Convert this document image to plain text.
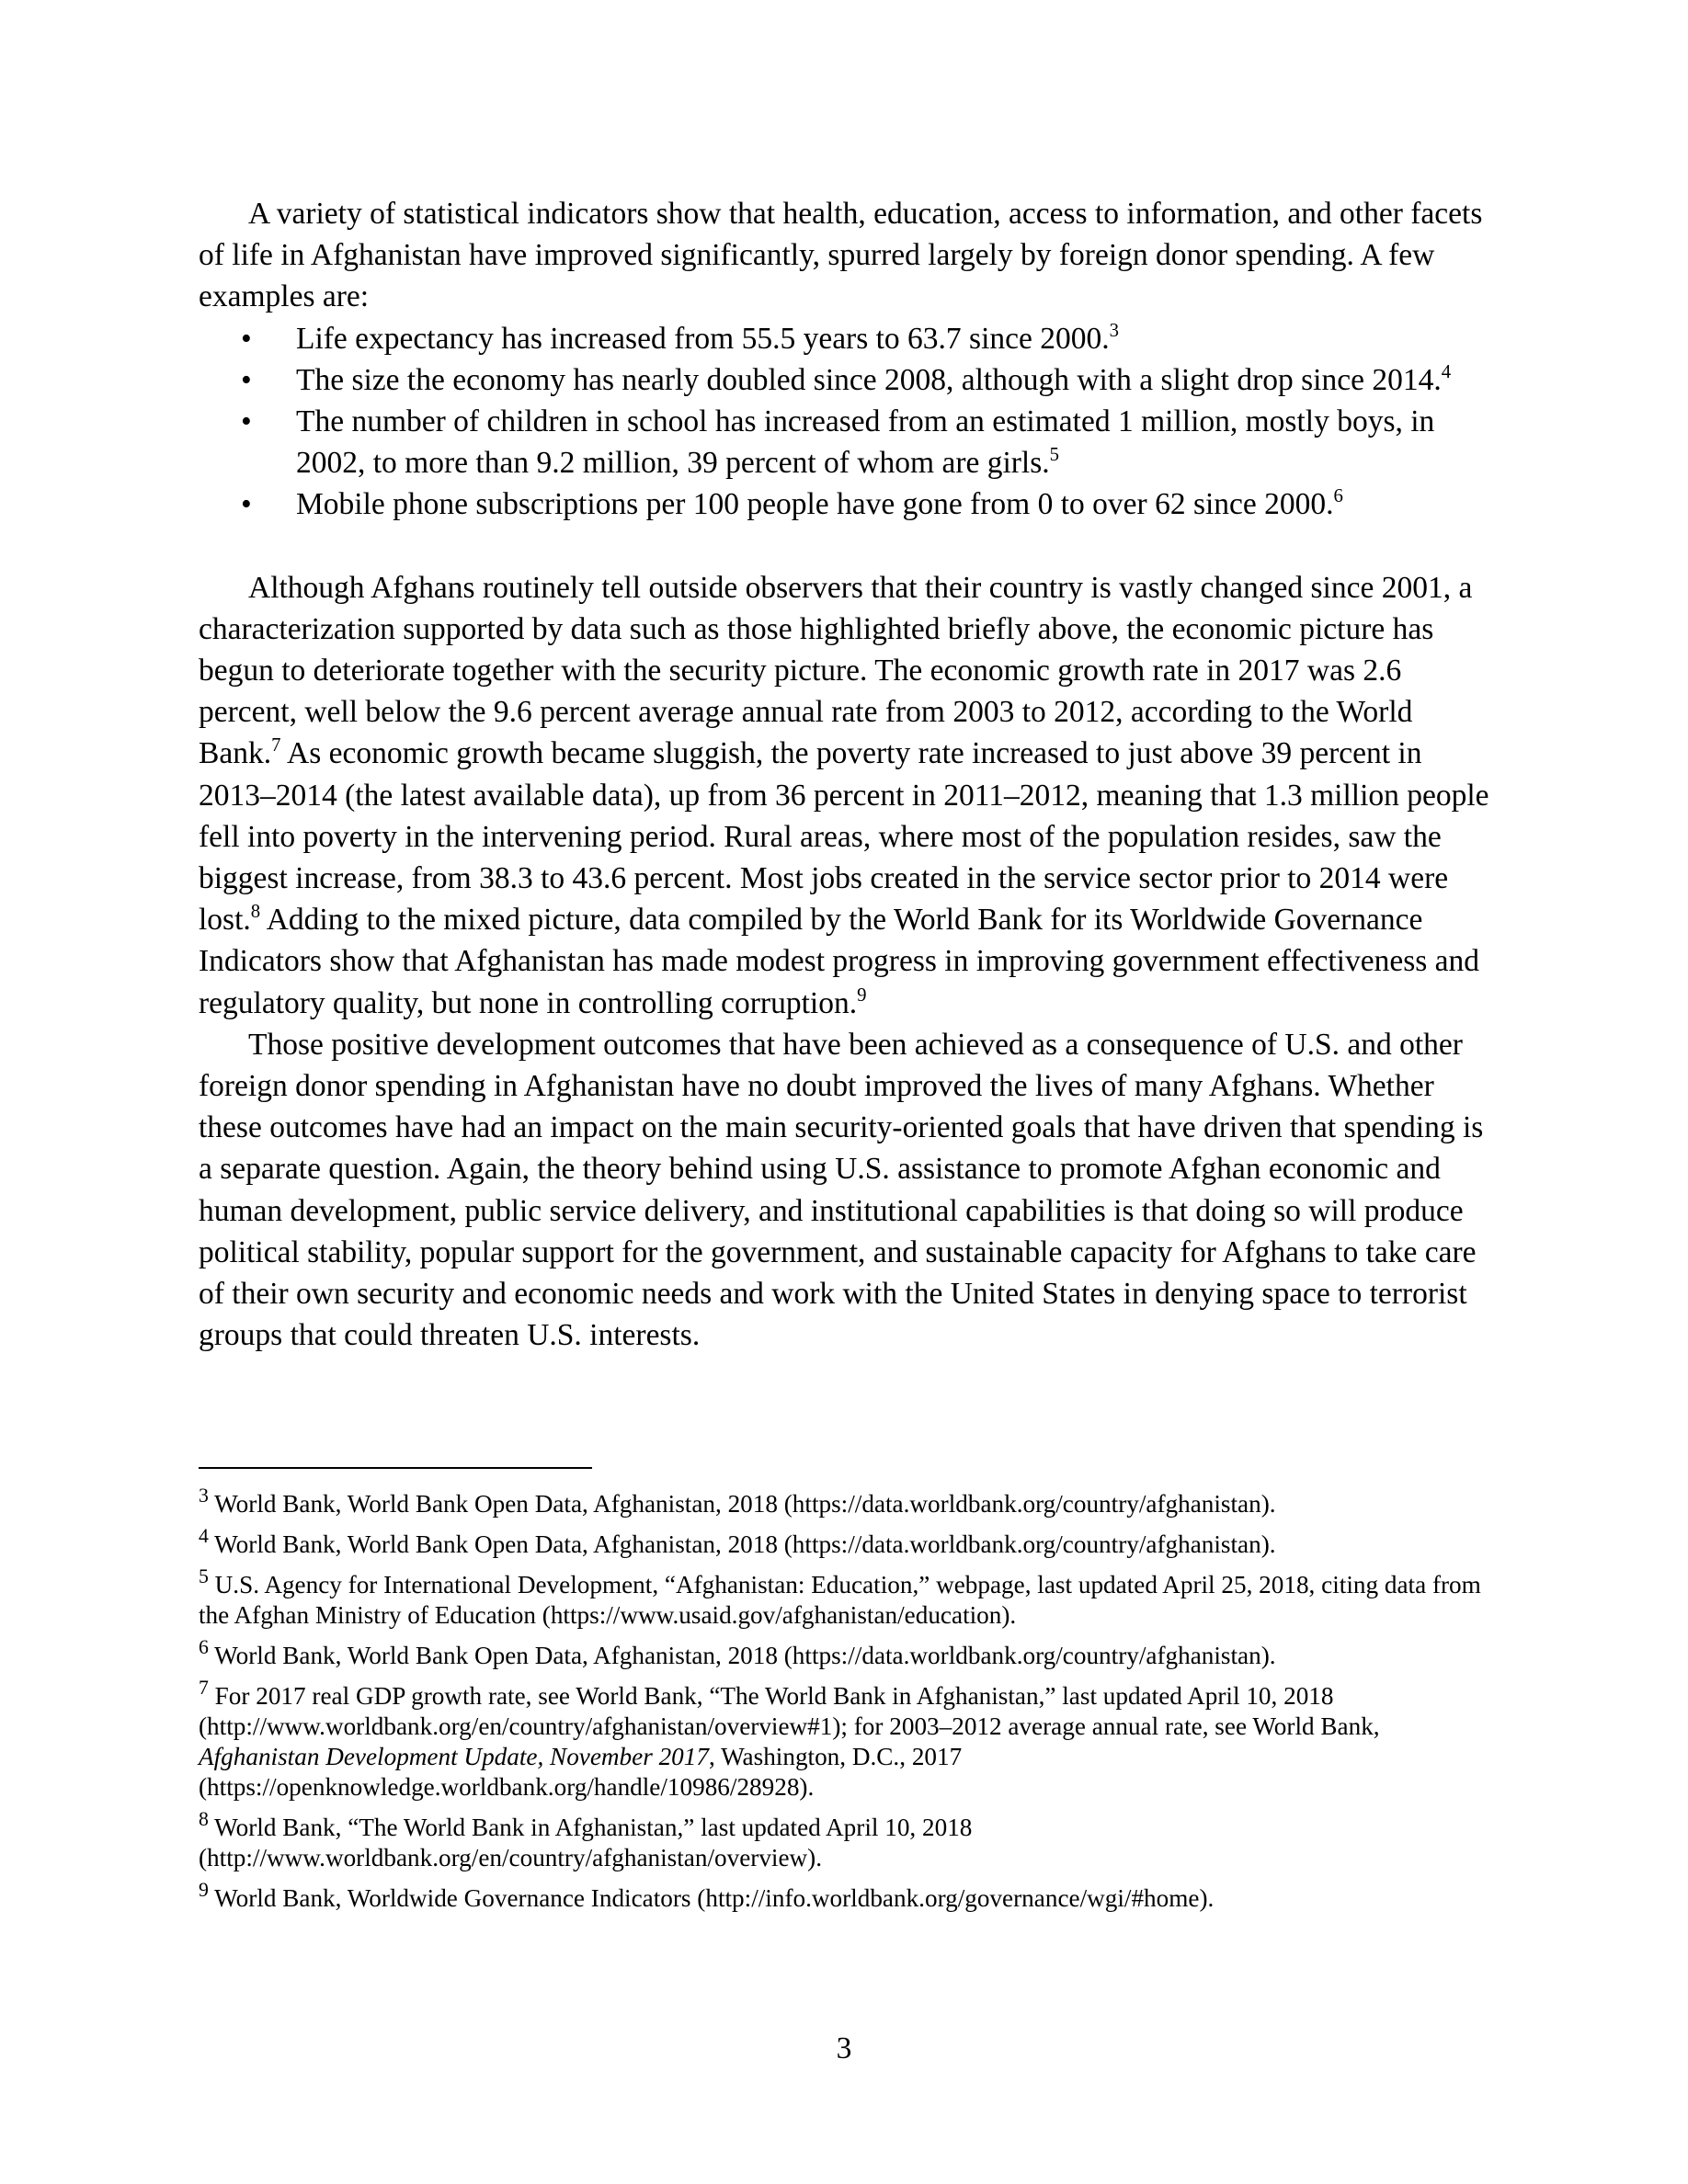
A variety of statistical indicators show that health, education, access to information, and other facets of life in Afghanistan have improved significantly, spurred largely by foreign donor spending. A few examples are:

• Life expectancy has increased from 55.5 years to 63.7 since 2000.$^3$
• The size the economy has nearly doubled since 2008, although with a slight drop since 2014.$^4$
• The number of children in school has increased from an estimated 1 million, mostly boys, in 2002, to more than 9.2 million, 39 percent of whom are girls.$^5$
• Mobile phone subscriptions per 100 people have gone from 0 to over 62 since 2000.$^6$

Although Afghans routinely tell outside observers that their country is vastly changed since 2001, a characterization supported by data such as those highlighted briefly above, the economic picture has begun to deteriorate together with the security picture. The economic growth rate in 2017 was 2.6 percent, well below the 9.6 percent average annual rate from 2003 to 2012, according to the World Bank.$^7$ As economic growth became sluggish, the poverty rate increased to just above 39 percent in 2013–2014 (the latest available data), up from 36 percent in 2011–2012, meaning that 1.3 million people fell into poverty in the intervening period. Rural areas, where most of the population resides, saw the biggest increase, from 38.3 to 43.6 percent. Most jobs created in the service sector prior to 2014 were lost.$^8$ Adding to the mixed picture, data compiled by the World Bank for its Worldwide Governance Indicators show that Afghanistan has made modest progress in improving government effectiveness and regulatory quality, but none in controlling corruption.$^9$

Those positive development outcomes that have been achieved as a consequence of U.S. and other foreign donor spending in Afghanistan have no doubt improved the lives of many Afghans. Whether these outcomes have had an impact on the main security-oriented goals that have driven that spending is a separate question. Again, the theory behind using U.S. assistance to promote Afghan economic and human development, public service delivery, and institutional capabilities is that doing so will produce political stability, popular support for the government, and sustainable capacity for Afghans to take care of their own security and economic needs and work with the United States in denying space to terrorist groups that could threaten U.S. interests.

$^3$ World Bank, World Bank Open Data, Afghanistan, 2018 (https://data.worldbank.org/country/afghanistan).

$^4$ World Bank, World Bank Open Data, Afghanistan, 2018 (https://data.worldbank.org/country/afghanistan).

$^5$ U.S. Agency for International Development, “Afghanistan: Education,” webpage, last updated April 25, 2018, citing data from the Afghan Ministry of Education (https://www.usaid.gov/afghanistan/education).

$^6$ World Bank, World Bank Open Data, Afghanistan, 2018 (https://data.worldbank.org/country/afghanistan).

$^7$ For 2017 real GDP growth rate, see World Bank, “The World Bank in Afghanistan,” last updated April 10, 2018 (http://www.worldbank.org/en/country/afghanistan/overview#1); for 2003–2012 average annual rate, see World Bank, Afghanistan Development Update, November 2017, Washington, D.C., 2017 (https://openknowledge.worldbank.org/handle/10986/28928).

$^8$ World Bank, “The World Bank in Afghanistan,” last updated April 10, 2018 (http://www.worldbank.org/en/country/afghanistan/overview).

$^9$ World Bank, Worldwide Governance Indicators (http://info.worldbank.org/governance/wgi/#home).

3
